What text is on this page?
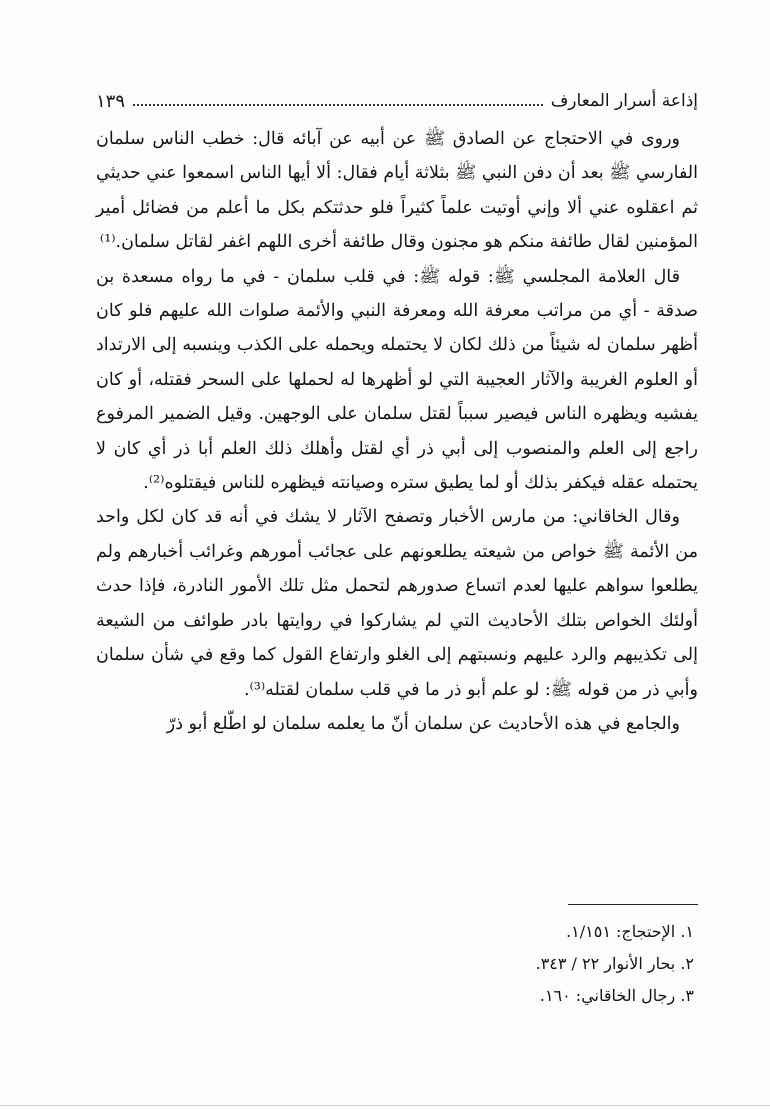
إذاعة أسرار المعارف
١٣٩

وروى في الاحتجاج عن الصادق ﷺ عن أبيه عن آبائه قال: خطب الناس سلمان الفارسي ﷺ بعد أن دفن النبي ﷺ بثلاثة أيام فقال: ألا أيها الناس اسمعوا عني حديثي ثم اعقلوه عني ألا وإني أوتيت علماً كثيراً فلو حدثتكم بكل ما أعلم من فضائل أمير المؤمنين لقال طائفة منكم هو مجنون وقال طائفة أخرى اللهم اغفر لقاتل سلمان.⁽¹⁾

قال العلامة المجلسي ﷺ: قوله ﷺ: في قلب سلمان - في ما رواه مسعدة بن صدقة - أي من مراتب معرفة الله ومعرفة النبي والأئمة صلوات الله عليهم فلو كان أظهر سلمان له شيئاً من ذلك لكان لا يحتمله ويحمله على الكذب وينسبه إلى الارتداد أو العلوم الغريبة والآثار العجيبة التي لو أظهرها له لحملها على السحر فقتله، أو كان يفشيه ويظهره الناس فيصير سبباً لقتل سلمان على الوجهين. وقيل الضمير المرفوع راجع إلى العلم والمنصوب إلى أبي ذر أي لقتل وأهلك ذلك العلم أبا ذر أي كان لا يحتمله عقله فيكفر بذلك أو لما يطيق ستره وصيانته فيظهره للناس فيقتلوه⁽²⁾.

وقال الخاقاني: من مارس الأخبار وتصفح الآثار لا يشك في أنه قد كان لكل واحد من الأئمة ﷺ خواص من شيعته يطلعونهم على عجائب أمورهم وغرائب أخبارهم ولم يطلعوا سواهم عليها لعدم اتساع صدورهم لتحمل مثل تلك الأمور النادرة، فإذا حدث أولئك الخواص بتلك الأحاديث التي لم يشاركوا في روايتها بادر طوائف من الشيعة إلى تكذيبهم والرد عليهم ونسبتهم إلى الغلو وارتفاع القول كما وقع في شأن سلمان وأبي ذر من قوله ﷺ: لو علم أبو ذر ما في قلب سلمان لقتله⁽³⁾.

والجامع في هذه الأحاديث عن سلمان أنّ ما يعلمه سلمان لو اطّلع أبو ذرّ

١. الإحتجاج: ١/١٥١.
٢. بحار الأنوار ٢٢ / ٣٤٣.
٣. رجال الخاقاني: ١٦٠.
